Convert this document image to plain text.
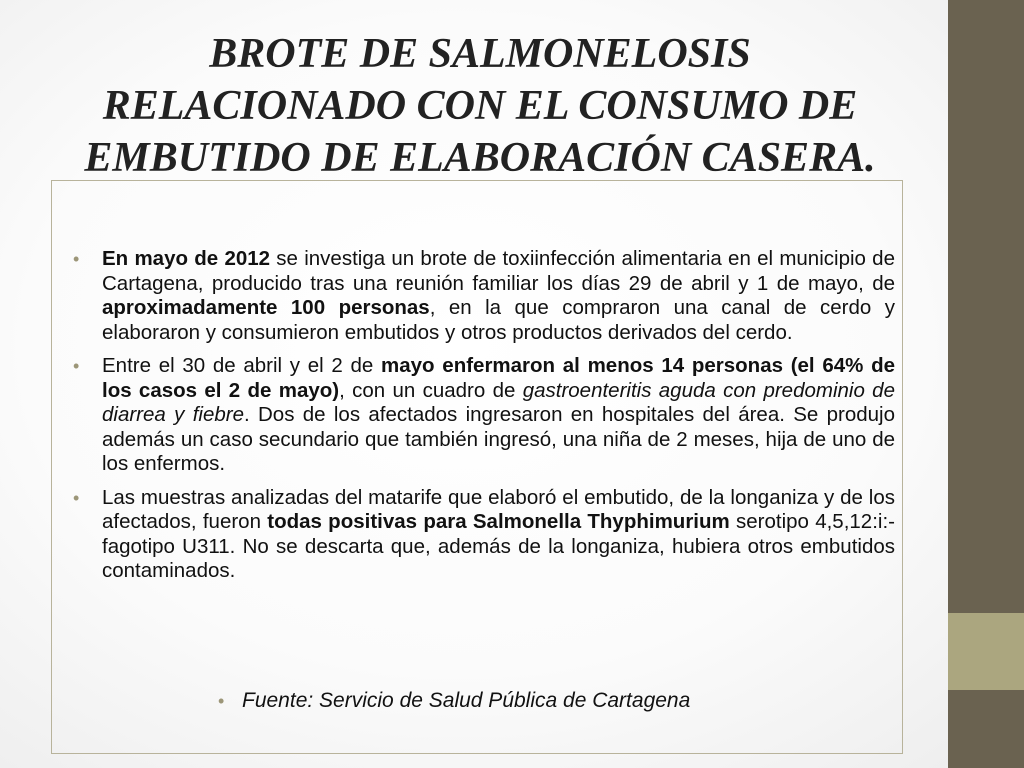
BROTE DE SALMONELOSIS
RELACIONADO CON EL CONSUMO DE
EMBUTIDO DE ELABORACIÓN CASERA.
• En mayo de 2012 se investiga un brote de toxiinfección alimentaria en el municipio de Cartagena, producido tras una reunión familiar los días 29 de abril y 1 de mayo, de aproximadamente 100 personas, en la que compraron una canal de cerdo y elaboraron y consumieron embutidos y otros productos derivados del cerdo.
• Entre el 30 de abril y el 2 de mayo enfermaron al menos 14 personas (el 64% de los casos el 2 de mayo), con un cuadro de gastroenteritis aguda con predominio de diarrea y fiebre. Dos de los afectados ingresaron en hospitales del área. Se produjo además un caso secundario que también ingresó, una niña de 2 meses, hija de uno de los enfermos.
• Las muestras analizadas del matarife que elaboró el embutido, de la longaniza y de los afectados, fueron todas positivas para Salmonella Thyphimurium serotipo 4,5,12:i:- fagotipo U311. No se descarta que, además de la longaniza, hubiera otros embutidos contaminados.

• Fuente: Servicio de Salud Pública de Cartagena
